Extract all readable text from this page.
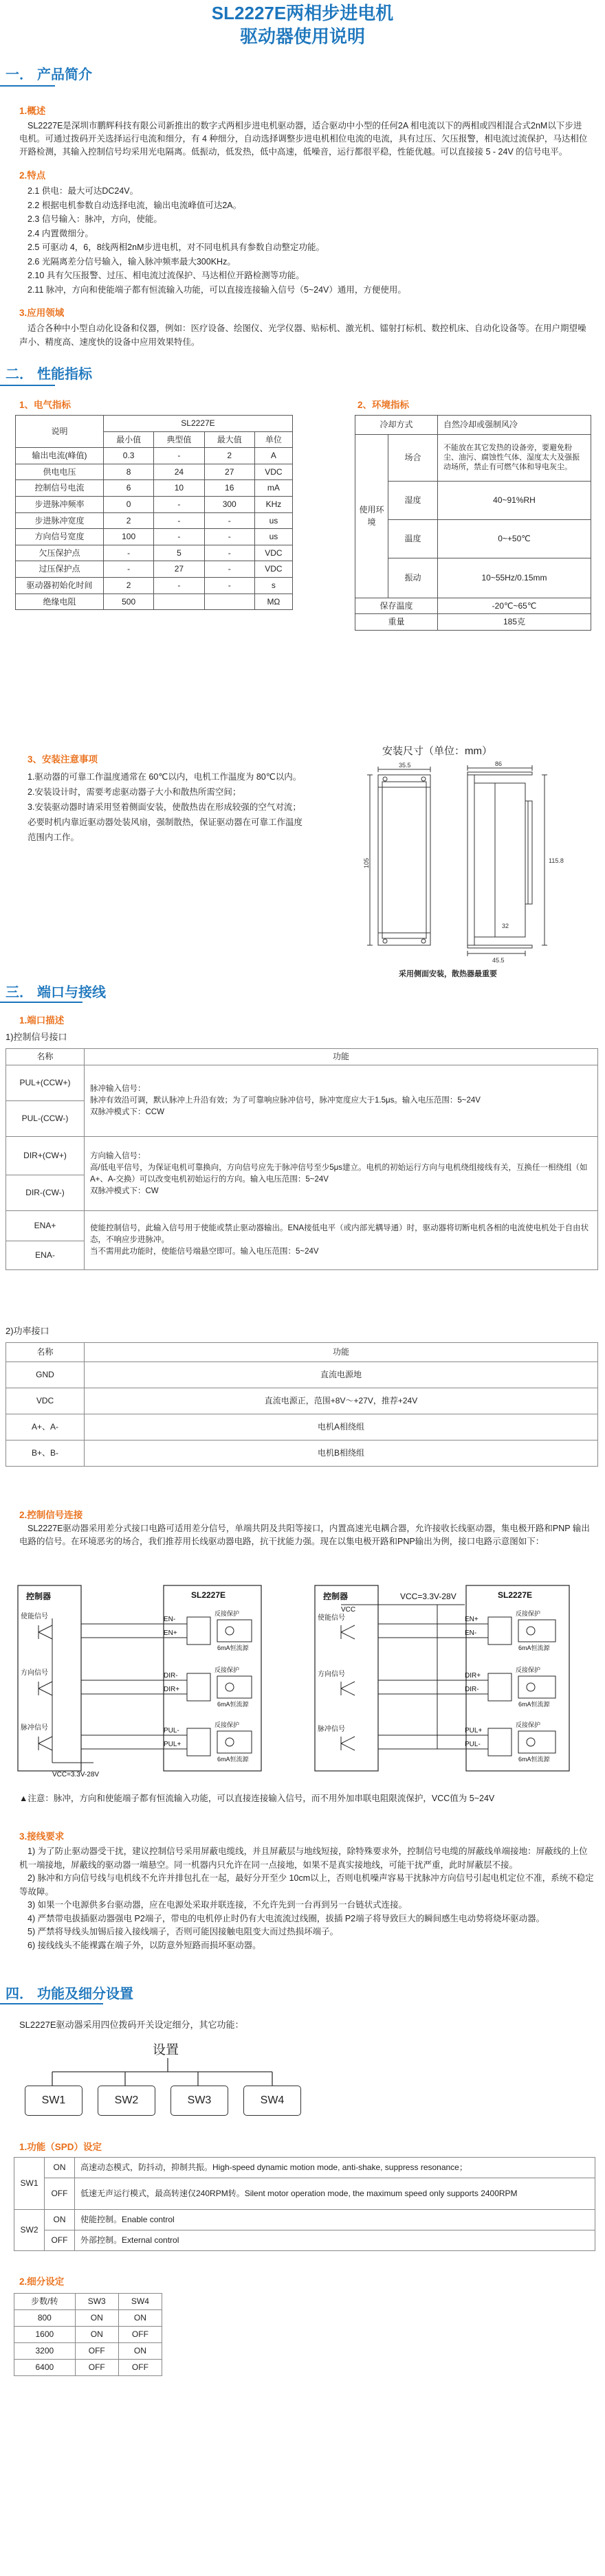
SL2227E两相步进电机
驱动器使用说明
一． 产品简介
1.概述
SL2227E是深圳市鹏辉科技有限公司新推出的数字式两相步进电机驱动器，适合驱动中小型的任何2A 相电流以下的两相或四相混合式2nM以下步进电机。可通过拨码开关选择运行电流和细分，有 4 种细分，自动选择调整步进电机相位电流的电流，具有过压、欠压报警，相电流过流保护，马达相位开路检测，其输入控制信号均采用光电隔离。低振动，低发热，低中高速，低噪音，运行都很平稳，性能优越。可以直接接 5 - 24V 的信号电平。
2.特点
2.1 供电：最大可达DC24V。
2.2 根据电机参数自动选择电流，输出电流峰值可达2A。
2.3 信号输入：脉冲，方向，使能。
2.4 内置微细分。
2.5 可驱动 4，6，8线两相2nM步进电机，对不同电机具有参数自动整定功能。
2.6 光隔离差分信号输入，输入脉冲频率最大300KHz。
2.10 具有欠压报警、过压、相电流过流保护、马达相位开路检测等功能。
2.11 脉冲，方向和使能端子都有恒流输入功能，可以直接连接输入信号（5~24V）通用，方便使用。
3.应用领域
适合各种中小型自动化设备和仪器，例如：医疗设备、绘图仪、光学仪器、贴标机、激光机、镭射打标机、数控机床、自动化设备等。在用户期望噪声小、精度高、速度快的设备中应用效果特佳。
二． 性能指标
1、电气指标	2、环境指标
说明	SL2227E			
	最小值	典型值	最大值	单位
输出电流(峰值)	0.3	-	2	A
供电电压	8	24	27	VDC
控制信号电流	6	10	16	mA
步进脉冲频率	0	-	300	KHz
步进脉冲宽度	2	-	-	us
方向信号宽度	100	-	-	us
欠压保护点	-	5	-	VDC
过压保护点	-	27	-	VDC
驱动器初始化时间	2	-	-	s
绝缘电阻	500			MΩ
冷却方式		自然冷却或强制风冷
使用环境	场合	不能放在其它发热的设备旁，要避免粉尘、油污、腐蚀性气体、湿度太大及强振动场所，禁止有可燃气体和导电灰尘。
	湿度	40~91%RH
	温度	0~+50℃
	振动	10~55Hz/0.15mm
保存温度		-20℃~65℃
重量		185克
3、安装注意事项
1.驱动器的可靠工作温度通常在 60℃以内，电机工作温度为 80℃以内。
2.安装设计时，需要考虑驱动器子大小和散热所需空间；
3.安装驱动器时请采用竖着侧面安装，使散热齿在形成较强的空气对流；必要时机内靠近驱动器处装风扇，强制散热，保证驱动器在可靠工作温度范围内工作。
安装尺寸（单位：mm）
35.5	86
115.8
105
45.5
32
采用侧面安装，散热器最重要
三． 端口与接线
1.端口描述
1)控制信号接口
名称	功能
PUL+(CCW+)	脉冲输入信号：
脉冲有效沿可调，默认脉冲上升沿有效；为了可靠响应脉冲信号，脉冲宽度应大于1.5μs。输入电压范围：5~24V
双脉冲模式下：CCW

PUL-(CCW-)	
DIR+(CW+)	方向输入信号：
高/低电平信号，为保证电机可靠换向，方向信号应先于脉冲信号至少5μs建立。电机的初始运行方向与电机绕组接线有关，互换任一相绕组（如A+、A-交换）可以改变电机初始运行的方向。输入电压范围：5~24V
双脉冲模式下：CW

DIR-(CW-)	
ENA+	使能控制信号，此输入信号用于使能或禁止驱动器输出。ENA接低电平（或内部光耦导通）时，驱动器将切断电机各相的电流使电机处于自由状态，不响应步进脉冲。
当不需用此功能时，使能信号端悬空即可。输入电压范围：5~24V

ENA-	
2)功率接口
名称	功能
GND	直流电源地
VDC	直流电源正，范围+8V～+27V，推荐+24V
A+、A-	电机A相绕组
B+、B-	电机B相绕组
2.控制信号连接
SL2227E驱动器采用差分式接口电路可适用差分信号，单端共阴及共阳等接口，内置高速光电耦合器，允许接收长线驱动器，集电极开路和PNP 输出电路的信号。在环境恶劣的场合，我们推荐用长线驱动器电路，抗干扰能力强。现在以集电极开路和PNP输出为例，接口电路示意图如下：
控制器	SL2227E	控制器	SL2227E
VCC=3.3V-28V
使能信号
方向信号
脉冲信号
使能信号
方向信号
脉冲信号
VCC
VCC=3.3V-28V
EN-
EN+
DIR-
DIR+
PUL-
PUL+
EN+
EN-
DIR+
DIR-
PUL+
PUL-
反接保护
反接保护
反接保护
6mA恒流源
6mA恒流源
6mA恒流源
反接保护
反接保护
反接保护
6mA恒流源
6mA恒流源
6mA恒流源
▲注意：脉冲，方向和使能端子都有恒流输入功能，可以直接连接输入信号，而不用外加串联电阻限流保护，VCC值为 5~24V
3.接线要求
1) 为了防止驱动器受干扰，建议控制信号采用屏蔽电缆线，并且屏蔽层与地线短接，除特殊要求外，控制信号电缆的屏蔽线单端接地：屏蔽线的上位机一端接地，屏蔽线的驱动器一端悬空。同一机器内只允许在同一点接地，如果不是真实接地线，可能干扰严重，此时屏蔽层不接。
2) 脉冲和方向信号线与电机线不允许并排包扎在一起，最好分开至少 10cm以上，否则电机噪声容易干扰脉冲方向信号引起电机定位不准，系统不稳定等故障。
3) 如果一个电源供多台驱动器，应在电源处采取并联连接，不允许先到一台再到另一台链状式连接。
4) 严禁带电拔插驱动器强电 P2端子，带电的电机停止时仍有大电流流过线圈，拔插 P2端子将导致巨大的瞬间感生电动势将烧坏驱动器。
5) 严禁将导线头加锡后接入接线端子，否则可能因接触电阻变大而过热损坏端子。
6) 接线线头不能裸露在端子外，以防意外短路而损坏驱动器。
四． 功能及细分设置
SL2227E驱动器采用四位拨码开关设定细分，其它功能：
设置
SW1	SW2	SW3	SW4
1.功能（SPD）设定
SW1	ON	高速动态模式，防抖动，抑制共振。High-speed dynamic motion mode, anti-shake, suppress resonance；
	OFF	低速无声运行模式，最高转速仅240RPM转。Silent motor operation mode, the maximum speed only supports 2400RPM
SW2	ON	使能控制。Enable control
	OFF	外部控制。External control
2.细分设定
步数/转	SW3	SW4
800	ON	ON
1600	ON	OFF
3200	OFF	ON
6400	OFF	OFF
